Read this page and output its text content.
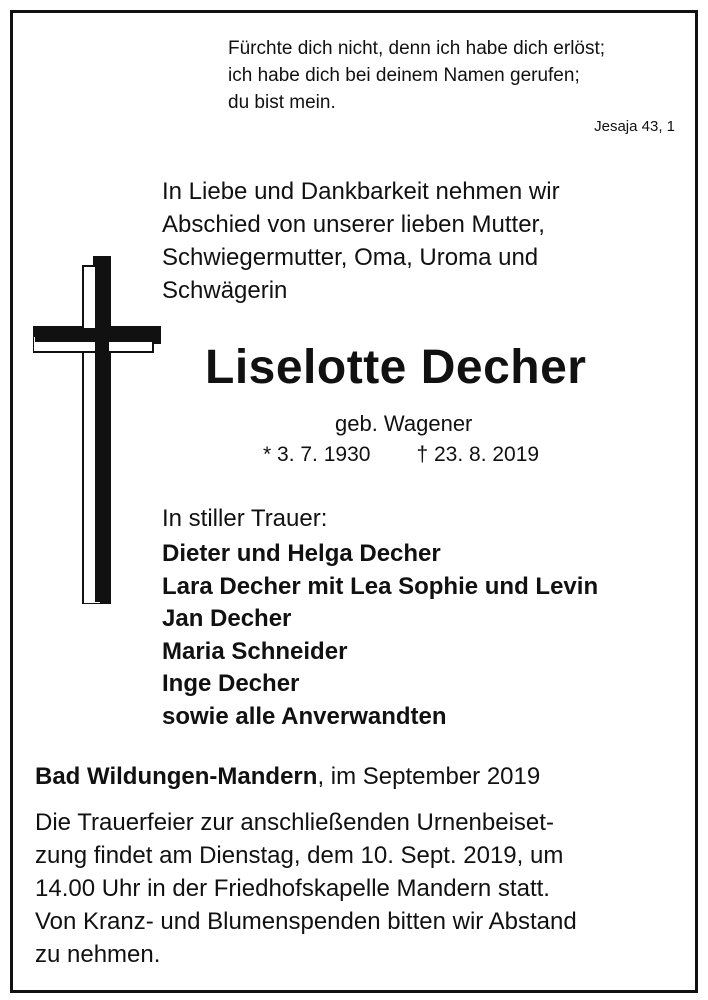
Fürchte dich nicht, denn ich habe dich erlöst;
ich habe dich bei deinem Namen gerufen;
du bist mein.
Jesaja 43, 1
In Liebe und Dankbarkeit nehmen wir
Abschied von unserer lieben Mutter,
Schwiegermutter, Oma, Uroma und
Schwägerin
Liselotte Decher
geb. Wagener
* 3. 7. 1930 † 23. 8. 2019
In stiller Trauer:
Dieter und Helga Decher
Lara Decher mit Lea Sophie und Levin
Jan Decher
Maria Schneider
Inge Decher
sowie alle Anverwandten
Bad Wildungen-Mandern, im September 2019
Die Trauerfeier zur anschließenden Urnenbeiset-
zung findet am Dienstag, dem 10. Sept. 2019, um
14.00 Uhr in der Friedhofskapelle Mandern statt.
Von Kranz- und Blumenspenden bitten wir Abstand
zu nehmen.
